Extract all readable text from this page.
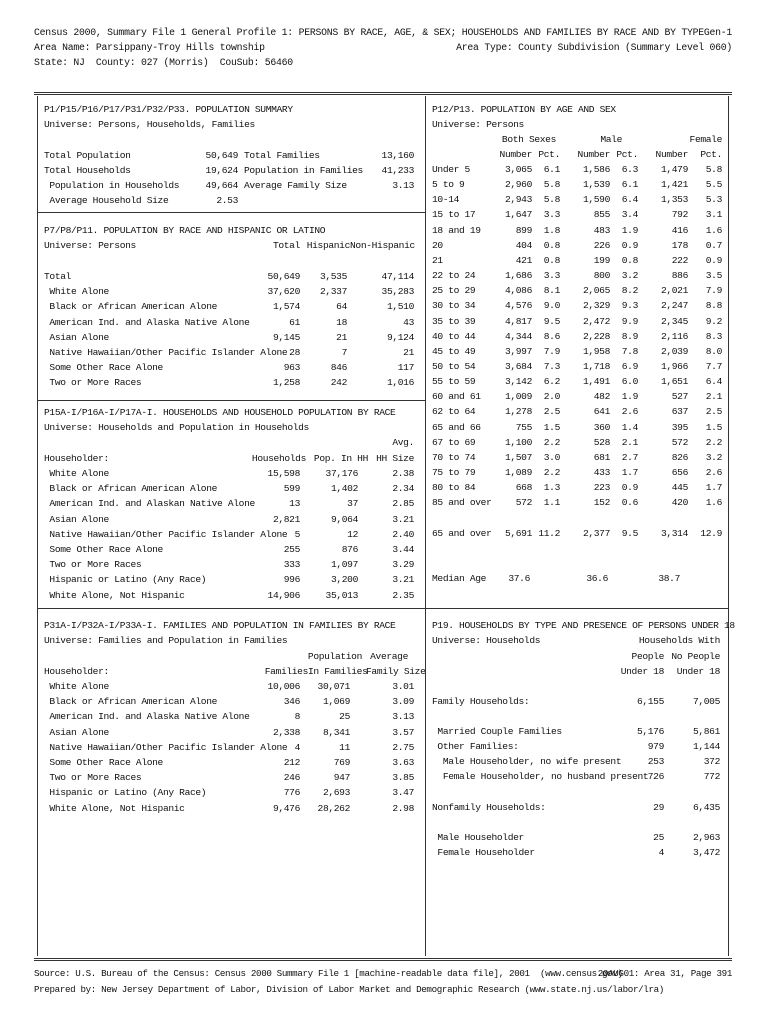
Census 2000, Summary File 1 General Profile 1: PERSONS BY RACE, AGE, & SEX; HOUSEHOLDS AND FAMILIES BY RACE AND BY TYPE Gen-1
Area Name: Parsippany-Troy Hills township	Area Type: County Subdivision (Summary Level 060)
State: NJ  County: 027 (Morris)  CouSub: 56460
P1/P15/P16/P17/P31/P32/P33. POPULATION SUMMARY
Universe: Persons, Households, Families
Total Population	50,649 Total Families	13,160
Total Households	19,624 Population in Families	41,233
Population in Households	49,664 Average Family Size	3.13
Average Household Size	2.53
P7/P8/P11. POPULATION BY RACE AND HISPANIC OR LATINO
Universe: Persons	Total Hispanic Non-Hispanic
Total	50,649	3,535	47,114
White Alone	37,620	2,337	35,283
Black or African American Alone	1,574	64	1,510
American Ind. and Alaska Native Alone	61	18	43
Asian Alone	9,145	21	9,124
Native Hawaiian/Other Pacific Islander Alone 28	7	21
Some Other Race Alone	963	846	117
Two or More Races	1,258	242	1,016
P15A-I/P16A-I/P17A-I. HOUSEHOLDS AND HOUSEHOLD POPULATION BY RACE
Universe: Households and Population in Households
Avg.
Householder:	Households Pop. In HH HH Size
White Alone	15,598	37,176	2.38
Black or African American Alone	599	1,402	2.34
American Ind. and Alaskan Native Alone	13	37	2.85
Asian Alone	2,821	9,064	3.21
Native Hawaiian/Other Pacific Islander Alone 5	12	2.40
Some Other Race Alone	255	876	3.44
Two or More Races	333	1,097	3.29
Hispanic or Latino (Any Race)	996	3,200	3.21
White Alone, Not Hispanic	14,906	35,013	2.35
P31A-I/P32A-I/P33A-I. FAMILIES AND POPULATION IN FAMILIES BY RACE
Universe: Families and Population in Families
Population Average
Householder:	Families In Families
Family Size
White Alone	10,006	30,071	3.01
Black or African American Alone	346	1,069	3.09
American Ind. and Alaska Native Alone	8	25	3.13
Asian Alone	2,338	8,341	3.57
Native Hawaiian/Other Pacific Islander Alone 4	11	2.75
Some Other Race Alone	212	769	3.63
Two or More Races	246	947	3.85
Hispanic or Latino (Any Race)	776	2,693	3.47
White Alone, Not Hispanic	9,476	28,262	2.98
P12/P13. POPULATION BY AGE AND SEX
Universe: Persons
Both Sexes	Male	Female
Number Pct.	Number Pct.	Number	Pct.
Under 5	3,065	6.1	1,586	6.3	1,479	5.8
5 to 9	2,960	5.8	1,539	6.1	1,421	5.5
10-14	2,943	5.8	1,590	6.4	1,353	5.3
15 to 17	1,647	3.3	855	3.4	792	3.1
18 and 19	899	1.8	483	1.9	416	1.6
20	404	0.8	226	0.9	178	0.7
21	421	0.8	199	0.8	222	0.9
22 to 24	1,686	3.3	800	3.2	886	3.5
25 to 29	4,086	8.1	2,065	8.2	2,021	7.9
30 to 34	4,576	9.0	2,329	9.3	2,247	8.8
35 to 39	4,817	9.5	2,472	9.9	2,345	9.2
40 to 44	4,344	8.6	2,228	8.9	2,116	8.3
45 to 49	3,997	7.9	1,958	7.8	2,039	8.0
50 to 54	3,684	7.3	1,718	6.9	1,966	7.7
55 to 59	3,142	6.2	1,491	6.0	1,651	6.4
60 and 61	1,009	2.0	482	1.9	527	2.1
62 to 64	1,278	2.5	641	2.6	637	2.5
65 and 66	755	1.5	360	1.4	395	1.5
67 to 69	1,100	2.2	528	2.1	572	2.2
70 to 74	1,507	3.0	681	2.7	826	3.2
75 to 79	1,089	2.2	433	1.7	656	2.6
80 to 84	668	1.3	223	0.9	445	1.7
85 and over	572	1.1	152	0.6	420	1.6
65 and over	5,691 11.2	2,377	9.5	3,314	12.9
Median Age	37.6	36.6	38.7
P19. HOUSEHOLDS BY TYPE AND PRESENCE OF PERSONS UNDER 18
Universe: Households	Households With
People No People
Under 18	Under 18
Family Households:	6,155	7,005
Married Couple Families	5,176	5,861
Other Families:	979	1,144
Male Householder, no wife present	253	372
Female Householder, no husband present 726	772
Nonfamily Households:	29	6,435
Male Householder	25	2,963
Female Householder	4	3,472
Source: U.S. Bureau of the Census: Census 2000 Summary File 1 [machine-readable data file], 2001  (www.census.gov)
20AUG01: Area 31, Page 391
Prepared by: New Jersey Department of Labor, Division of Labor Market and Demographic Research (www.state.nj.us/labor/lra)
